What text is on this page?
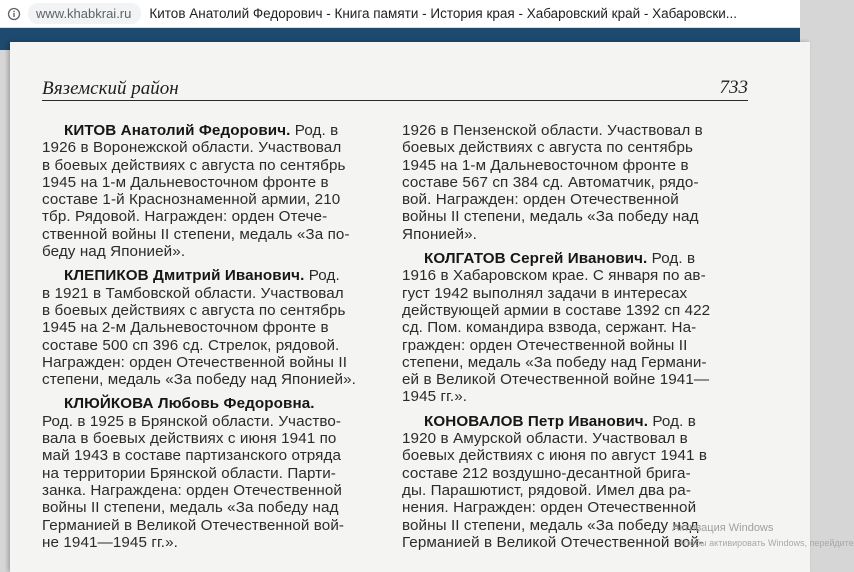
www.khabkrai.ru	Китов Анатолий Федорович - Книга памяти - История края - Хабаровский край - Хабаровски...
Вяземский район	733
КИТОВ Анатолий Федорович. Род. в
1926 в Воронежской области. Участвовал
в боевых действиях с августа по сентябрь
1945 на 1-м Дальневосточном фронте в
составе 1-й Краснознаменной армии, 210
тбр. Рядовой. Награжден: орден Отече-
ственной войны II степени, медаль «За по-
беду над Японией».
КЛЕПИКОВ Дмитрий Иванович. Род.
в 1921 в Тамбовской области. Участвовал
в боевых действиях с августа по сентябрь
1945 на 2-м Дальневосточном фронте в
составе 500 сп 396 сд. Стрелок, рядовой.
Награжден: орден Отечественной войны II
степени, медаль «За победу над Японией».
КЛЮЙКОВА Любовь Федоровна.
Род. в 1925 в Брянской области. Участво-
вала в боевых действиях с июня 1941 по
май 1943 в составе партизанского отряда
на территории Брянской области. Парти-
занка. Награждена: орден Отечественной
войны II степени, медаль «За победу над
Германией в Великой Отечественной вой-
не 1941—1945 гг.».
1926 в Пензенской области. Участвовал в
боевых действиях с августа по сентябрь
1945 на 1-м Дальневосточном фронте в
составе 567 сп 384 сд. Автоматчик, рядо-
вой. Награжден: орден Отечественной
войны II степени, медаль «За победу над
Японией».
КОЛГАТОВ Сергей Иванович. Род. в
1916 в Хабаровском крае. С января по ав-
густ 1942 выполнял задачи в интересах
действующей армии в составе 1392 сп 422
сд. Пом. командира взвода, сержант. На-
гражден: орден Отечественной войны II
степени, медаль «За победу над Германи-
ей в Великой Отечественной войне 1941—
1945 гг.».
КОНОВАЛОВ Петр Иванович. Род. в
1920 в Амурской области. Участвовал в
боевых действиях с июня по август 1941 в
составе 212 воздушно-десантной брига-
ды. Парашютист, рядовой. Имел два ра-
нения. Награжден: орден Отечественной
войны II степени, медаль «За победу над
Германией в Великой Отечественной вой-
Активация Windows
Чтобы активировать Windows, перейдите
